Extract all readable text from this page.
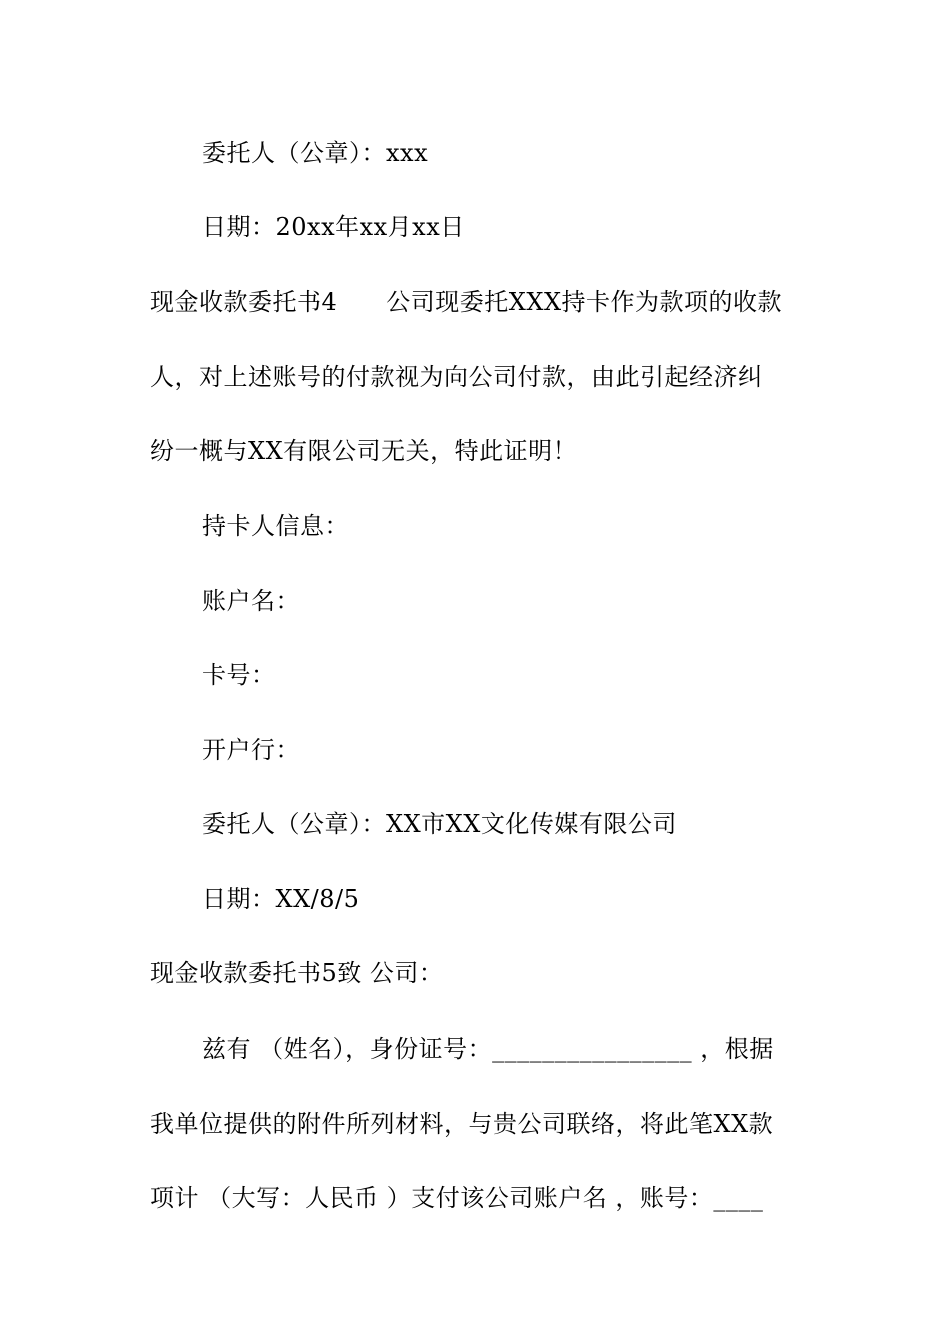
委托人（公章）：xxx
日期：20xx年xx月xx日
现金收款委托书4　　公司现委托XXX持卡作为款项的收款
人，对上述账号的付款视为向公司付款，由此引起经济纠
纷一概与XX有限公司无关，特此证明！
持卡人信息：
账户名：
卡号：
开户行：
委托人（公章）：XX市XX文化传媒有限公司
日期：XX/8/5
现金收款委托书5致 公司：
兹有 （姓名），身份证号：________________ ，根据
我单位提供的附件所列材料，与贵公司联络，将此笔XX款
项计 （大写：人民币 ）支付该公司账户名 ，账号：____
